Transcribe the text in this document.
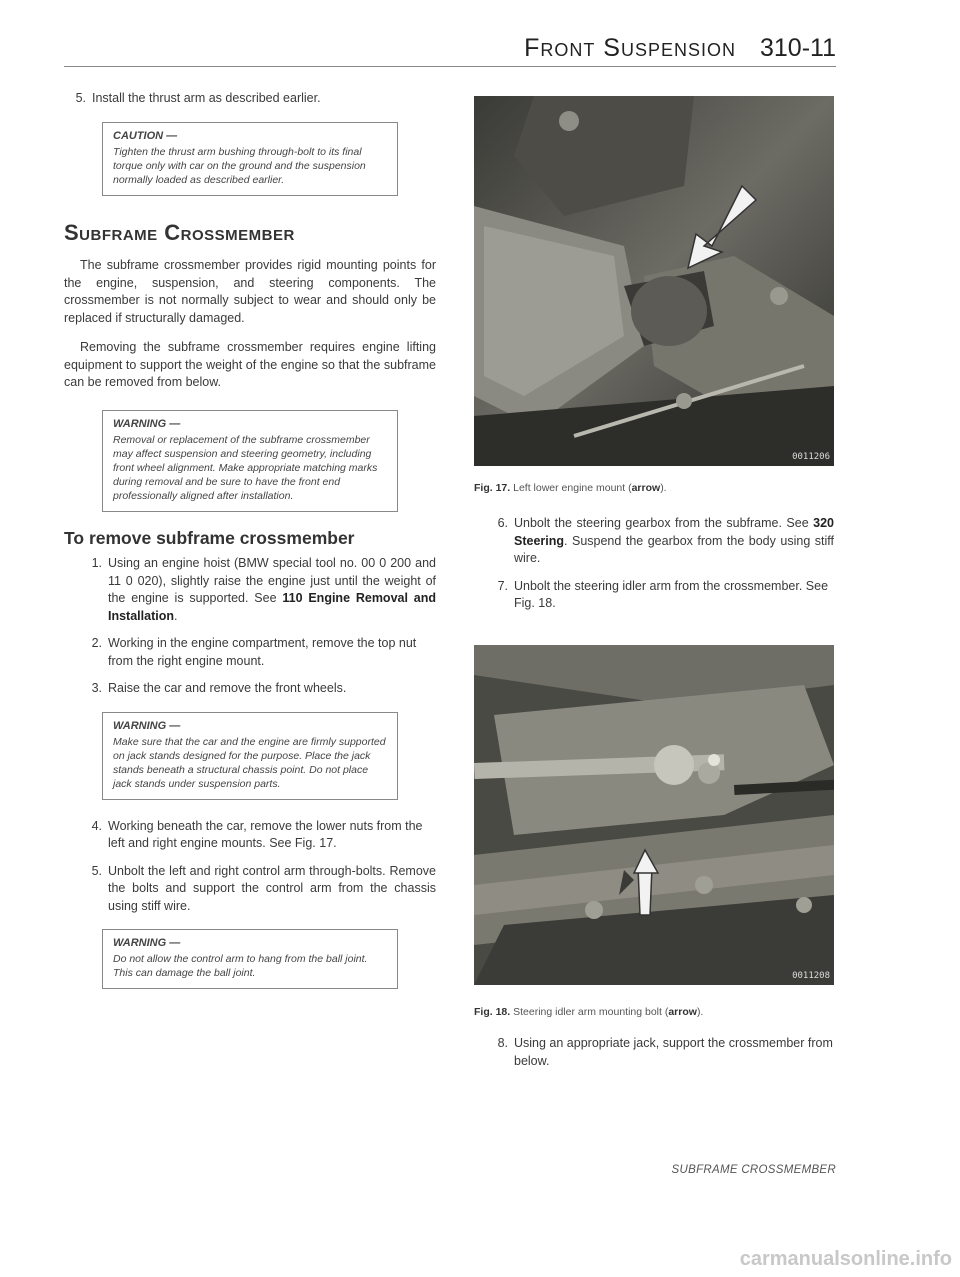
Front Suspension 310-11
5. Install the thrust arm as described earlier.
CAUTION —
Tighten the thrust arm bushing through-bolt to its final torque only with car on the ground and the suspension normally loaded as described earlier.
Subframe Crossmember

The subframe crossmember provides rigid mounting points for the engine, suspension, and steering components. The crossmember is not normally subject to wear and should only be replaced if structurally damaged.

Removing the subframe crossmember requires engine lifting equipment to support the weight of the engine so that the subframe can be removed from below.

WARNING —
Removal or replacement of the subframe crossmember may affect suspension and steering geometry, including front wheel alignment. Make appropriate matching marks during removal and be sure to have the front end professionally aligned after installation.
To remove subframe crossmember
1. Using an engine hoist (BMW special tool no. 00 0 200 and 11 0 020), slightly raise the engine just until the weight of the engine is supported. See 110 Engine Removal and Installation.
2. Working in the engine compartment, remove the top nut from the right engine mount.
3. Raise the car and remove the front wheels.
WARNING —
Make sure that the car and the engine are firmly supported on jack stands designed for the purpose. Place the jack stands beneath a structural chassis point. Do not place jack stands under suspension parts.
4. Working beneath the car, remove the lower nuts from the left and right engine mounts. See Fig. 17.
5. Unbolt the left and right control arm through-bolts. Remove the bolts and support the control arm from the chassis using stiff wire.
WARNING —
Do not allow the control arm to hang from the ball joint. This can damage the ball joint.
0011206
Fig. 17. Left lower engine mount (arrow).
6. Unbolt the steering gearbox from the subframe. See 320 Steering. Suspend the gearbox from the body using stiff wire.
7. Unbolt the steering idler arm from the crossmember. See Fig. 18.
0011208
Fig. 18. Steering idler arm mounting bolt (arrow).
8. Using an appropriate jack, support the crossmember from below.
SUBFRAME CROSSMEMBER
carmanualsonline.info
